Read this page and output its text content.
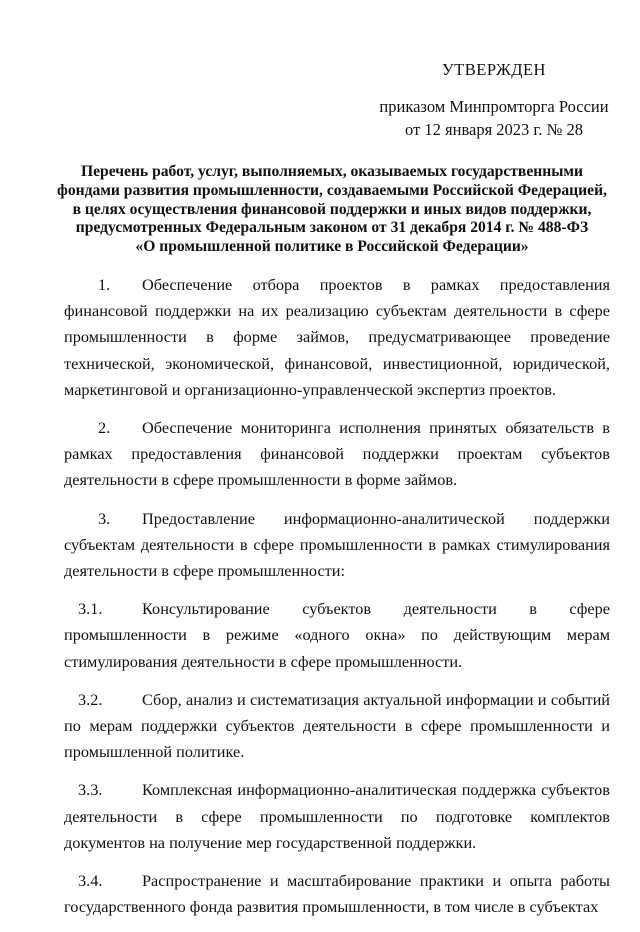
УТВЕРЖДЕН
приказом Минпромторга России
от 12 января 2023 г. № 28
Перечень работ, услуг, выполняемых, оказываемых государственными
фондами развития промышленности, создаваемыми Российской Федерацией,
в целях осуществления финансовой поддержки и иных видов поддержки,
предусмотренных Федеральным законом от 31 декабря 2014 г. № 488-ФЗ
«О промышленной политике в Российской Федерации»

1. Обеспечение отбора проектов в рамках предоставления финансовой поддержки на их реализацию субъектам деятельности в сфере промышленности в форме займов, предусматривающее проведение технической, экономической, финансовой, инвестиционной, юридической, маркетинговой и организационно-управленческой экспертиз проектов.

2. Обеспечение мониторинга исполнения принятых обязательств в рамках предоставления финансовой поддержки проектам субъектов деятельности в сфере промышленности в форме займов.

3. Предоставление информационно-аналитической поддержки субъектам деятельности в сфере промышленности в рамках стимулирования деятельности в сфере промышленности:

3.1. Консультирование субъектов деятельности в сфере промышленности в режиме «одного окна» по действующим мерам стимулирования деятельности в сфере промышленности.

3.2. Сбор, анализ и систематизация актуальной информации и событий по мерам поддержки субъектов деятельности в сфере промышленности и промышленной политике.

3.3. Комплексная информационно-аналитическая поддержка субъектов деятельности в сфере промышленности по подготовке комплектов документов на получение мер государственной поддержки.

3.4. Распространение и масштабирование практики и опыта работы государственного фонда развития промышленности, в том числе в субъектах
